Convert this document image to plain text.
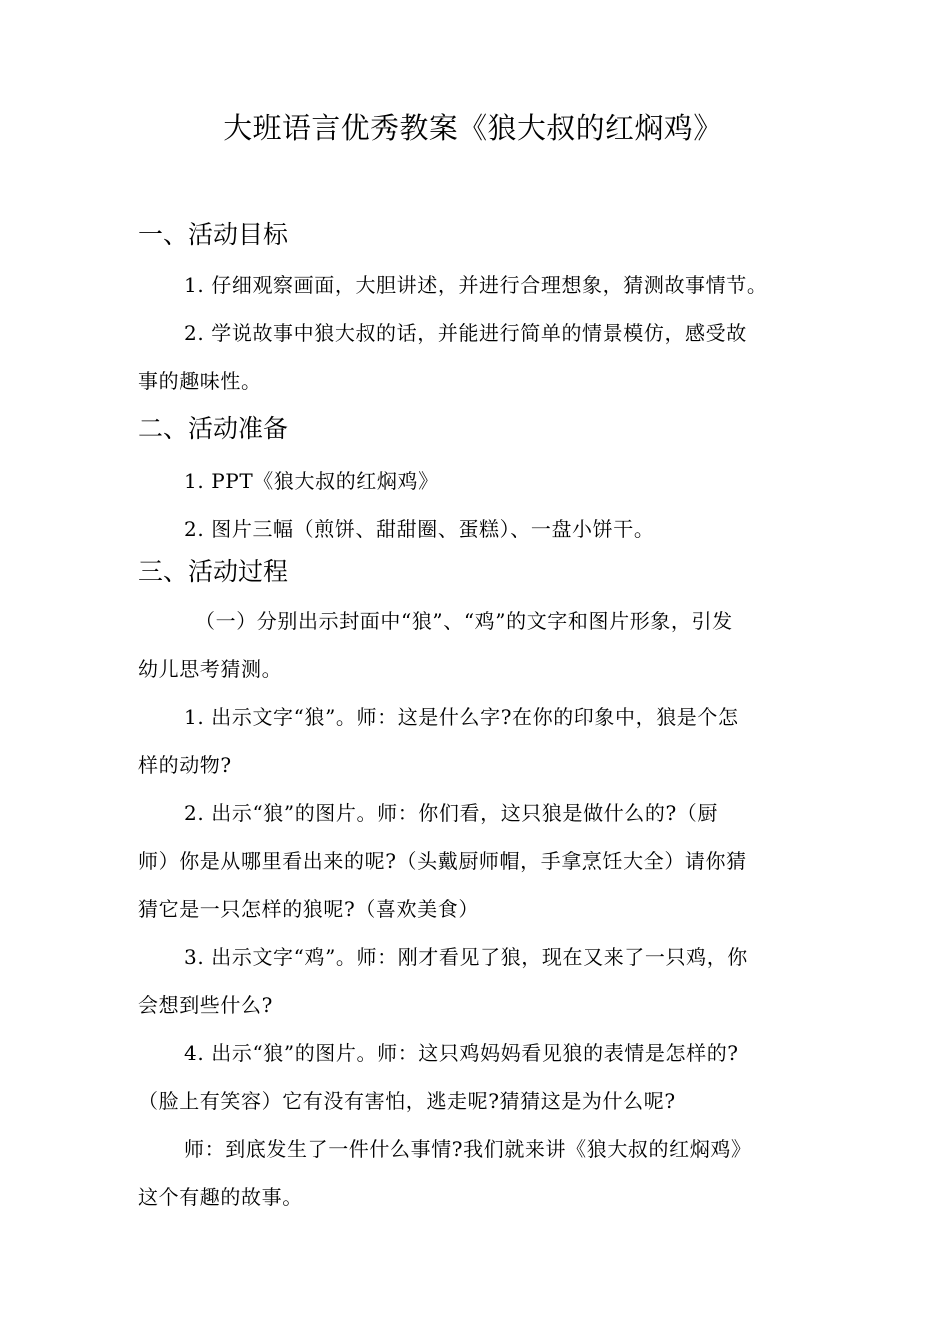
大班语言优秀教案《狼大叔的红焖鸡》
一、活动目标
1. 仔细观察画面，大胆讲述，并进行合理想象，猜测故事情节。
2. 学说故事中狼大叔的话，并能进行简单的情景模仿，感受故
事的趣味性。
二、活动准备
1. PPT《狼大叔的红焖鸡》
2. 图片三幅（煎饼、甜甜圈、蛋糕）、一盘小饼干。
三、活动过程
（一）分别出示封面中“狼”、“鸡”的文字和图片形象，引发
幼儿思考猜测。
1. 出示文字“狼”。师：这是什么字?在你的印象中，狼是个怎
样的动物?
2. 出示“狼”的图片。师：你们看，这只狼是做什么的?（厨
师）你是从哪里看出来的呢?（头戴厨师帽，手拿烹饪大全）请你猜
猜它是一只怎样的狼呢?（喜欢美食）
3. 出示文字“鸡”。师：刚才看见了狼，现在又来了一只鸡，你
会想到些什么?
4. 出示“狼”的图片。师：这只鸡妈妈看见狼的表情是怎样的?
（脸上有笑容）它有没有害怕，逃走呢?猜猜这是为什么呢?
师：到底发生了一件什么事情?我们就来讲《狼大叔的红焖鸡》
这个有趣的故事。
